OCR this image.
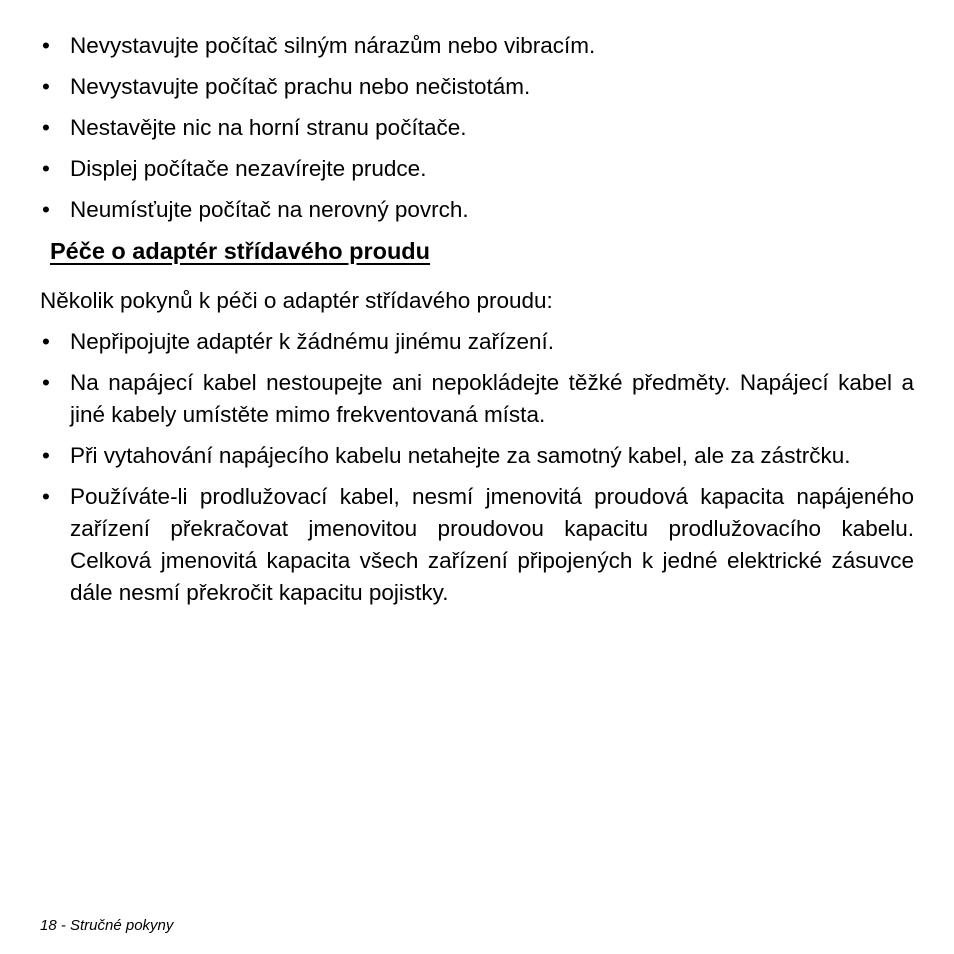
• Nevystavujte počítač silným nárazům nebo vibracím.
• Nevystavujte počítač prachu nebo nečistotám.
• Nestavějte nic na horní stranu počítače.
• Displej počítače nezavírejte prudce.
• Neumísťujte počítač na nerovný povrch.
Péče o adaptér střídavého proudu

Několik pokynů k péči o adaptér střídavého proudu:

• Nepřipojujte adaptér k žádnému jinému zařízení.
• Na napájecí kabel nestoupejte ani nepokládejte těžké předměty. Napájecí kabel a jiné kabely umístěte mimo frekventovaná místa.
• Při vytahování napájecího kabelu netahejte za samotný kabel, ale za zástrčku.
• Používáte-li prodlužovací kabel, nesmí jmenovitá proudová kapacita napájeného zařízení překračovat jmenovitou proudovou kapacitu prodlužovacího kabelu. Celková jmenovitá kapacita všech zařízení připojených k jedné elektrické zásuvce dále nesmí překročit kapacitu pojistky.
18 - Stručné pokyny
